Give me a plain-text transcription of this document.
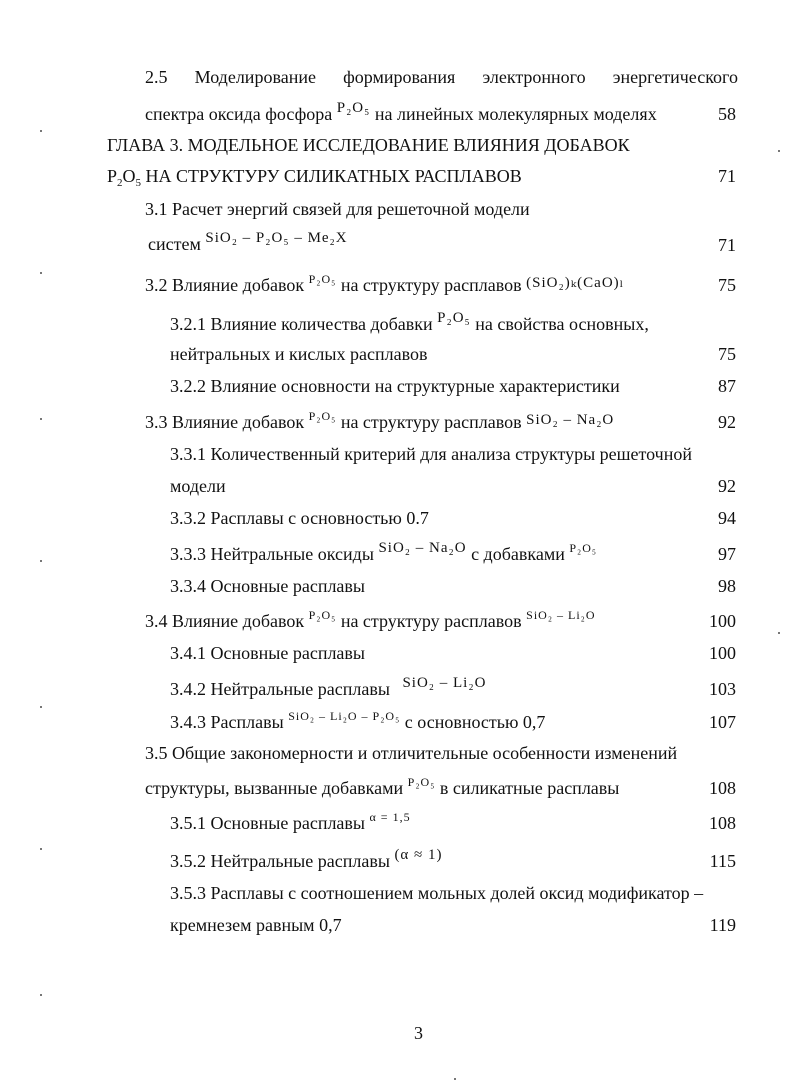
2.5 Моделирование формирования электронного энергетического
спектра оксида фосфора $^{P_2O_5}$ на линейных молекулярных моделях	58
ГЛАВА 3. МОДЕЛЬНОЕ ИССЛЕДОВАНИЕ ВЛИЯНИЯ ДОБАВОК
$P_2O_5$ НА СТРУКТУРУ СИЛИКАТНЫХ РАСПЛАВОВ	71
3.1 Расчет энергий связей для решеточной модели
систем $^{SiO_2 - P_2O_5 - Me_2X}$	71
3.2 Влияние добавок $^{P_2O_5}$ на структуру расплавов $^{(SiO_2)_k(CaO)_l}$	75
3.2.1 Влияние количества добавки $^{P_2O_5}$ на свойства основных,
нейтральных и кислых расплавов	75
3.2.2 Влияние основности на структурные характеристики	87
3.3 Влияние добавок $^{P_2O_5}$ на структуру расплавов $^{SiO_2 - Na_2O}$	92
3.3.1 Количественный критерий для анализа структуры решеточной
модели	92
3.3.2 Расплавы с основностью 0.7	94
3.3.3 Нейтральные оксиды $^{SiO_2 - Na_2O}$ с добавками $^{P_2O_5}$	97
3.3.4 Основные расплавы	98
3.4 Влияние добавок $^{P_2O_5}$ на структуру расплавов $^{SiO_2 - Li_2O}$	100
3.4.1 Основные расплавы	100
3.4.2 Нейтральные расплавы $^{SiO_2 - Li_2O}$	103
3.4.3 Расплавы $^{SiO_2 - Li_2O - P_2O_5}$ с основностью 0,7	107
3.5 Общие закономерности и отличительные особенности изменений
структуры, вызванные добавками $^{P_2O_5}$ в силикатные расплавы	108
3.5.1 Основные расплавы $^{\alpha = 1,5}$	108
3.5.2 Нейтральные расплавы $^{(\alpha \approx 1)}$	115
3.5.3 Расплавы с соотношением мольных долей оксид модификатор –
кремнезем равным 0,7	119
3
